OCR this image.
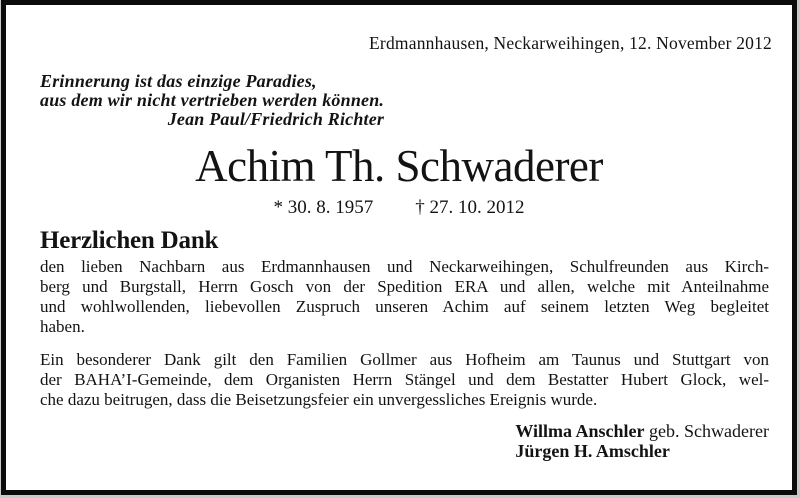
Erdmannhausen, Neckarweihingen, 12. November 2012
Erinnerung ist das einzige Paradies,
aus dem wir nicht vertrieben werden können.
Jean Paul/Friedrich Richter
Achim Th. Schwaderer
* 30. 8. 1957 † 27. 10. 2012
Herzlichen Dank
den lieben Nachbarn aus Erdmannhausen und Neckarweihingen, Schulfreunden aus Kirch-
berg und Burgstall, Herrn Gosch von der Spedition ERA und allen, welche mit Anteilnahme
und wohlwollenden, liebevollen Zuspruch unseren Achim auf seinem letzten Weg begleitet
haben.
Ein besonderer Dank gilt den Familien Gollmer aus Hofheim am Taunus und Stuttgart von
der BAHA’I-Gemeinde, dem Organisten Herrn Stängel und dem Bestatter Hubert Glock, wel-
che dazu beitrugen, dass die Beisetzungsfeier ein unvergessliches Ereignis wurde.
Willma Anschler geb. Schwaderer
Jürgen H. Amschler
